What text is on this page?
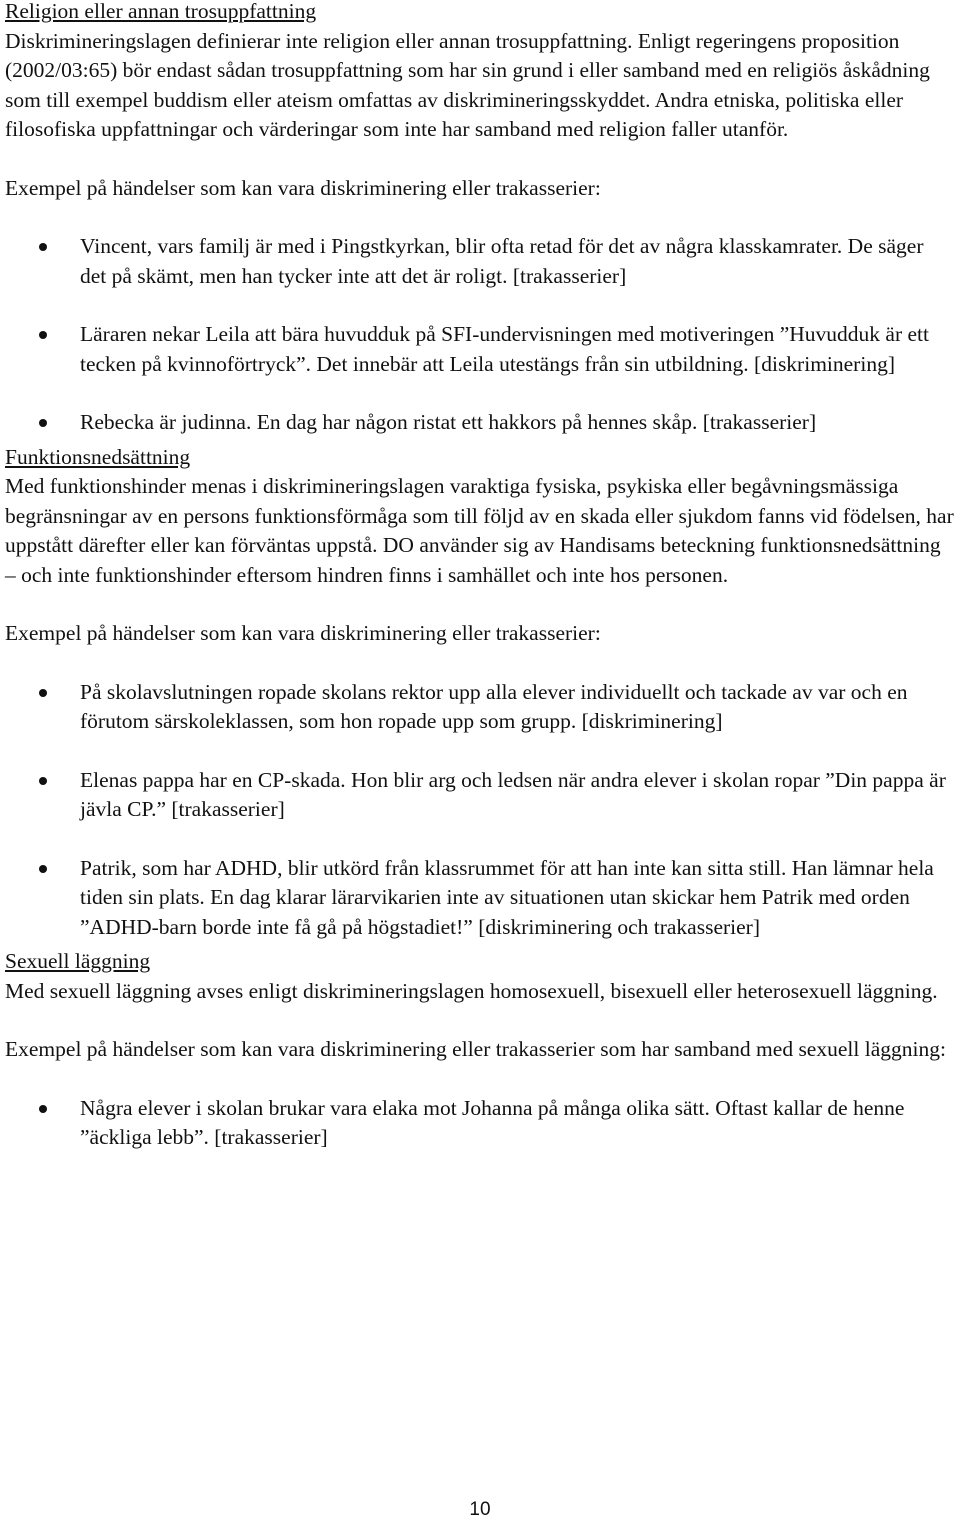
Religion eller annan trosuppfattning

Diskrimineringslagen definierar inte religion eller annan trosuppfattning. Enligt regeringens proposition (2002/03:65) bör endast sådan trosuppfattning som har sin grund i eller samband med en religiös åskådning som till exempel buddism eller ateism omfattas av diskrimineringsskyddet. Andra etniska, politiska eller filosofiska uppfattningar och värderingar som inte har samband med religion faller utanför.

Exempel på händelser som kan vara diskriminering eller trakasserier:

Vincent, vars familj är med i Pingstkyrkan, blir ofta retad för det av några klasskamrater. De säger det på skämt, men han tycker inte att det är roligt. [trakasserier]
Läraren nekar Leila att bära huvudduk på SFI-undervisningen med motiveringen ”Huvudduk är ett tecken på kvinnoförtryck”. Det innebär att Leila utestängs från sin utbildning. [diskriminering]
Rebecka är judinna. En dag har någon ristat ett hakkors på hennes skåp. [trakasserier]

Funktionsnedsättning

Med funktionshinder menas i diskrimineringslagen varaktiga fysiska, psykiska eller begåvningsmässiga begränsningar av en persons funktionsförmåga som till följd av en skada eller sjukdom fanns vid födelsen, har uppstått därefter eller kan förväntas uppstå. DO använder sig av Handisams beteckning funktionsnedsättning – och inte funktionshinder eftersom hindren finns i samhället och inte hos personen.

Exempel på händelser som kan vara diskriminering eller trakasserier:

På skolavslutningen ropade skolans rektor upp alla elever individuellt och tackade av var och en förutom särskoleklassen, som hon ropade upp som grupp. [diskriminering]
Elenas pappa har en CP-skada. Hon blir arg och ledsen när andra elever i skolan ropar ”Din pappa är jävla CP.” [trakasserier]
Patrik, som har ADHD, blir utkörd från klassrummet för att han inte kan sitta still. Han lämnar hela tiden sin plats. En dag klarar lärarvikarien inte av situationen utan skickar hem Patrik med orden ”ADHD-barn borde inte få gå på högstadiet!” [diskriminering och trakasserier]

Sexuell läggning

Med sexuell läggning avses enligt diskrimineringslagen homosexuell, bisexuell eller heterosexuell läggning.

Exempel på händelser som kan vara diskriminering eller trakasserier som har samband med sexuell läggning:

Några elever i skolan brukar vara elaka mot Johanna på många olika sätt. Oftast kallar de henne ”äckliga lebb”. [trakasserier]
10
